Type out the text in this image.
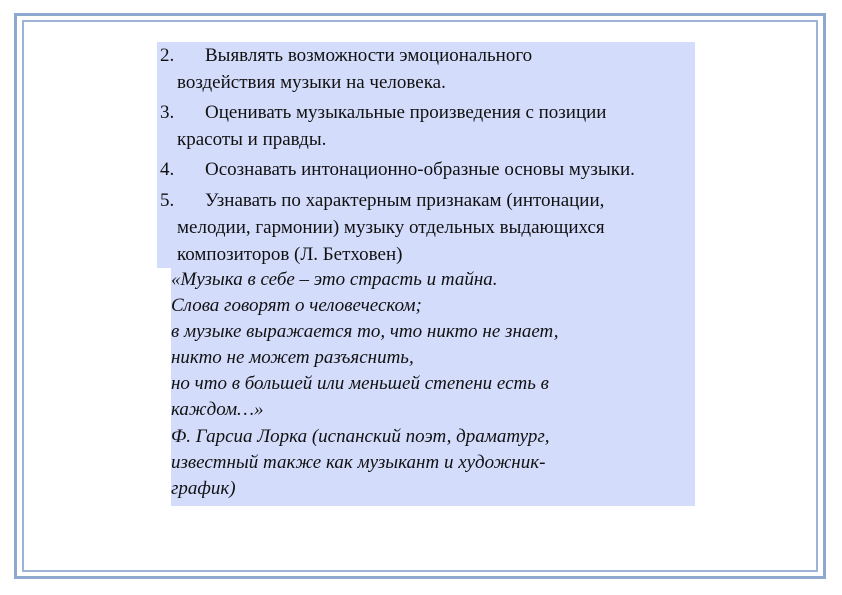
2. Выявлять возможности эмоционального
воздействия музыки на человека.
3. Оценивать музыкальные произведения с позиции
красоты и правды.
4. Осознавать интонационно-образные основы музыки.
5. Узнавать по характерным признакам (интонации,
мелодии, гармонии) музыку отдельных выдающихся
композиторов (Л. Бетховен)
«Музыка в себе – это страсть и тайна.
Слова говорят о человеческом;
в музыке выражается то, что никто не знает,
никто не может разъяснить,
но что в большей или меньшей степени есть в
каждом…»
Ф. Гарсиа Лорка (испанский поэт, драматург,
известный также как музыкант и художник-
график)
